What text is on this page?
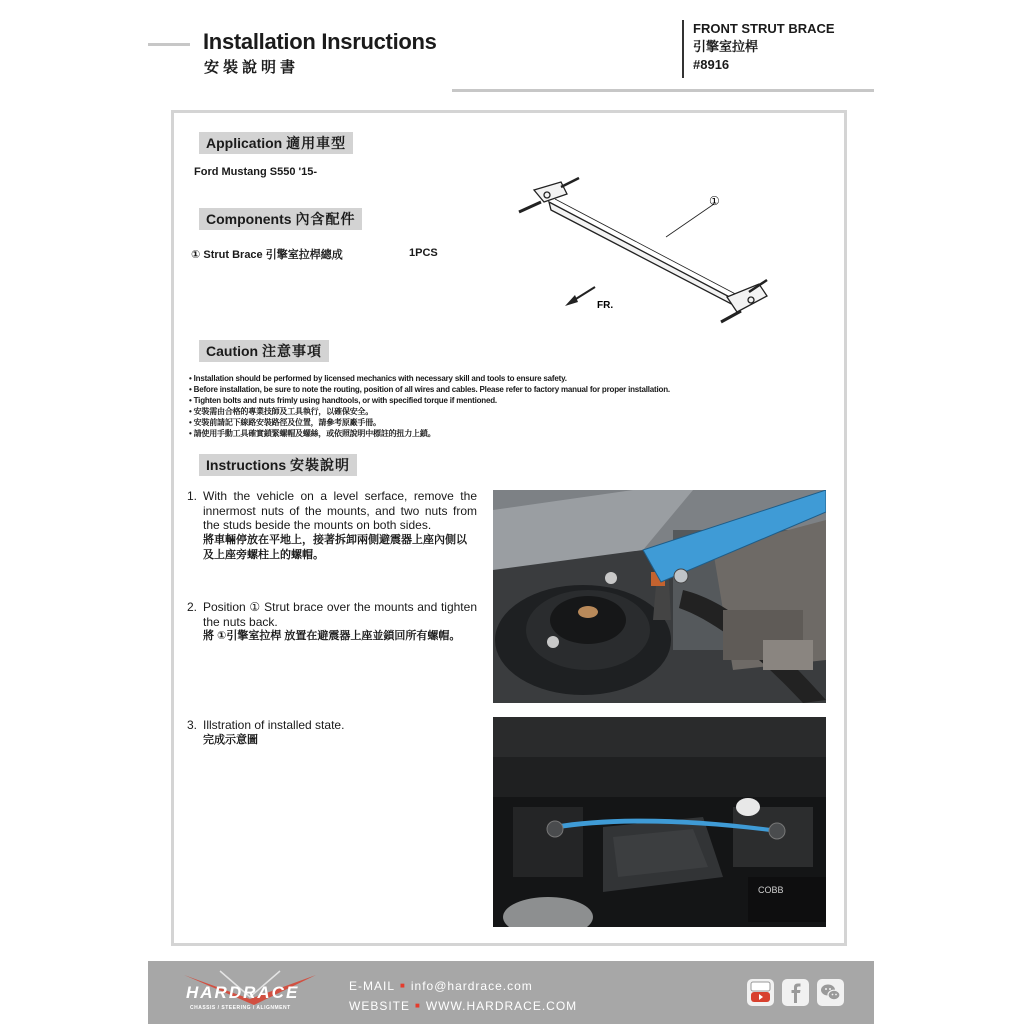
Installation Insructions
安裝說明書
FRONT STRUT BRACE
引擎室拉桿
#8916
Application 適用車型
Ford Mustang S550 '15-
Components 內含配件
① Strut Brace 引擎室拉桿總成	1PCS
①
FR.
Caution 注意事項
• Installation should be performed by licensed mechanics with necessary skill and tools to ensure safety.
• Before installation, be sure to note the routing, position of all wires and cables. Please refer to factory manual for proper installation.
• Tighten bolts and nuts frimly using handtools, or with specified torque if mentioned.
• 安裝需由合格的專業技師及工具執行，以確保安全。
• 安裝前請記下線路安裝路徑及位置，請參考原廠手冊。
• 請使用手動工具確實鎖緊螺帽及螺絲，或依照說明中標註的扭力上鎖。
Instructions 安裝說明
1. With the vehicle on a level serface, remove the innermost nuts of the mounts, and two nuts from the studs beside the mounts on both sides.
將車輛停放在平地上，接著拆卸兩側避震器上座內側以及上座旁螺柱上的螺帽。
2. Position ① Strut brace over the mounts and tighten the nuts back.
將 ①引擎室拉桿 放置在避震器上座並鎖回所有螺帽。
3. Illstration of installed state.
完成示意圖
COBB
HARDRACE
CHASSIS / STEERING / ALIGNMENT
E-MAIL ■ info@hardrace.com
WEBSITE ■ WWW.HARDRACE.COM
